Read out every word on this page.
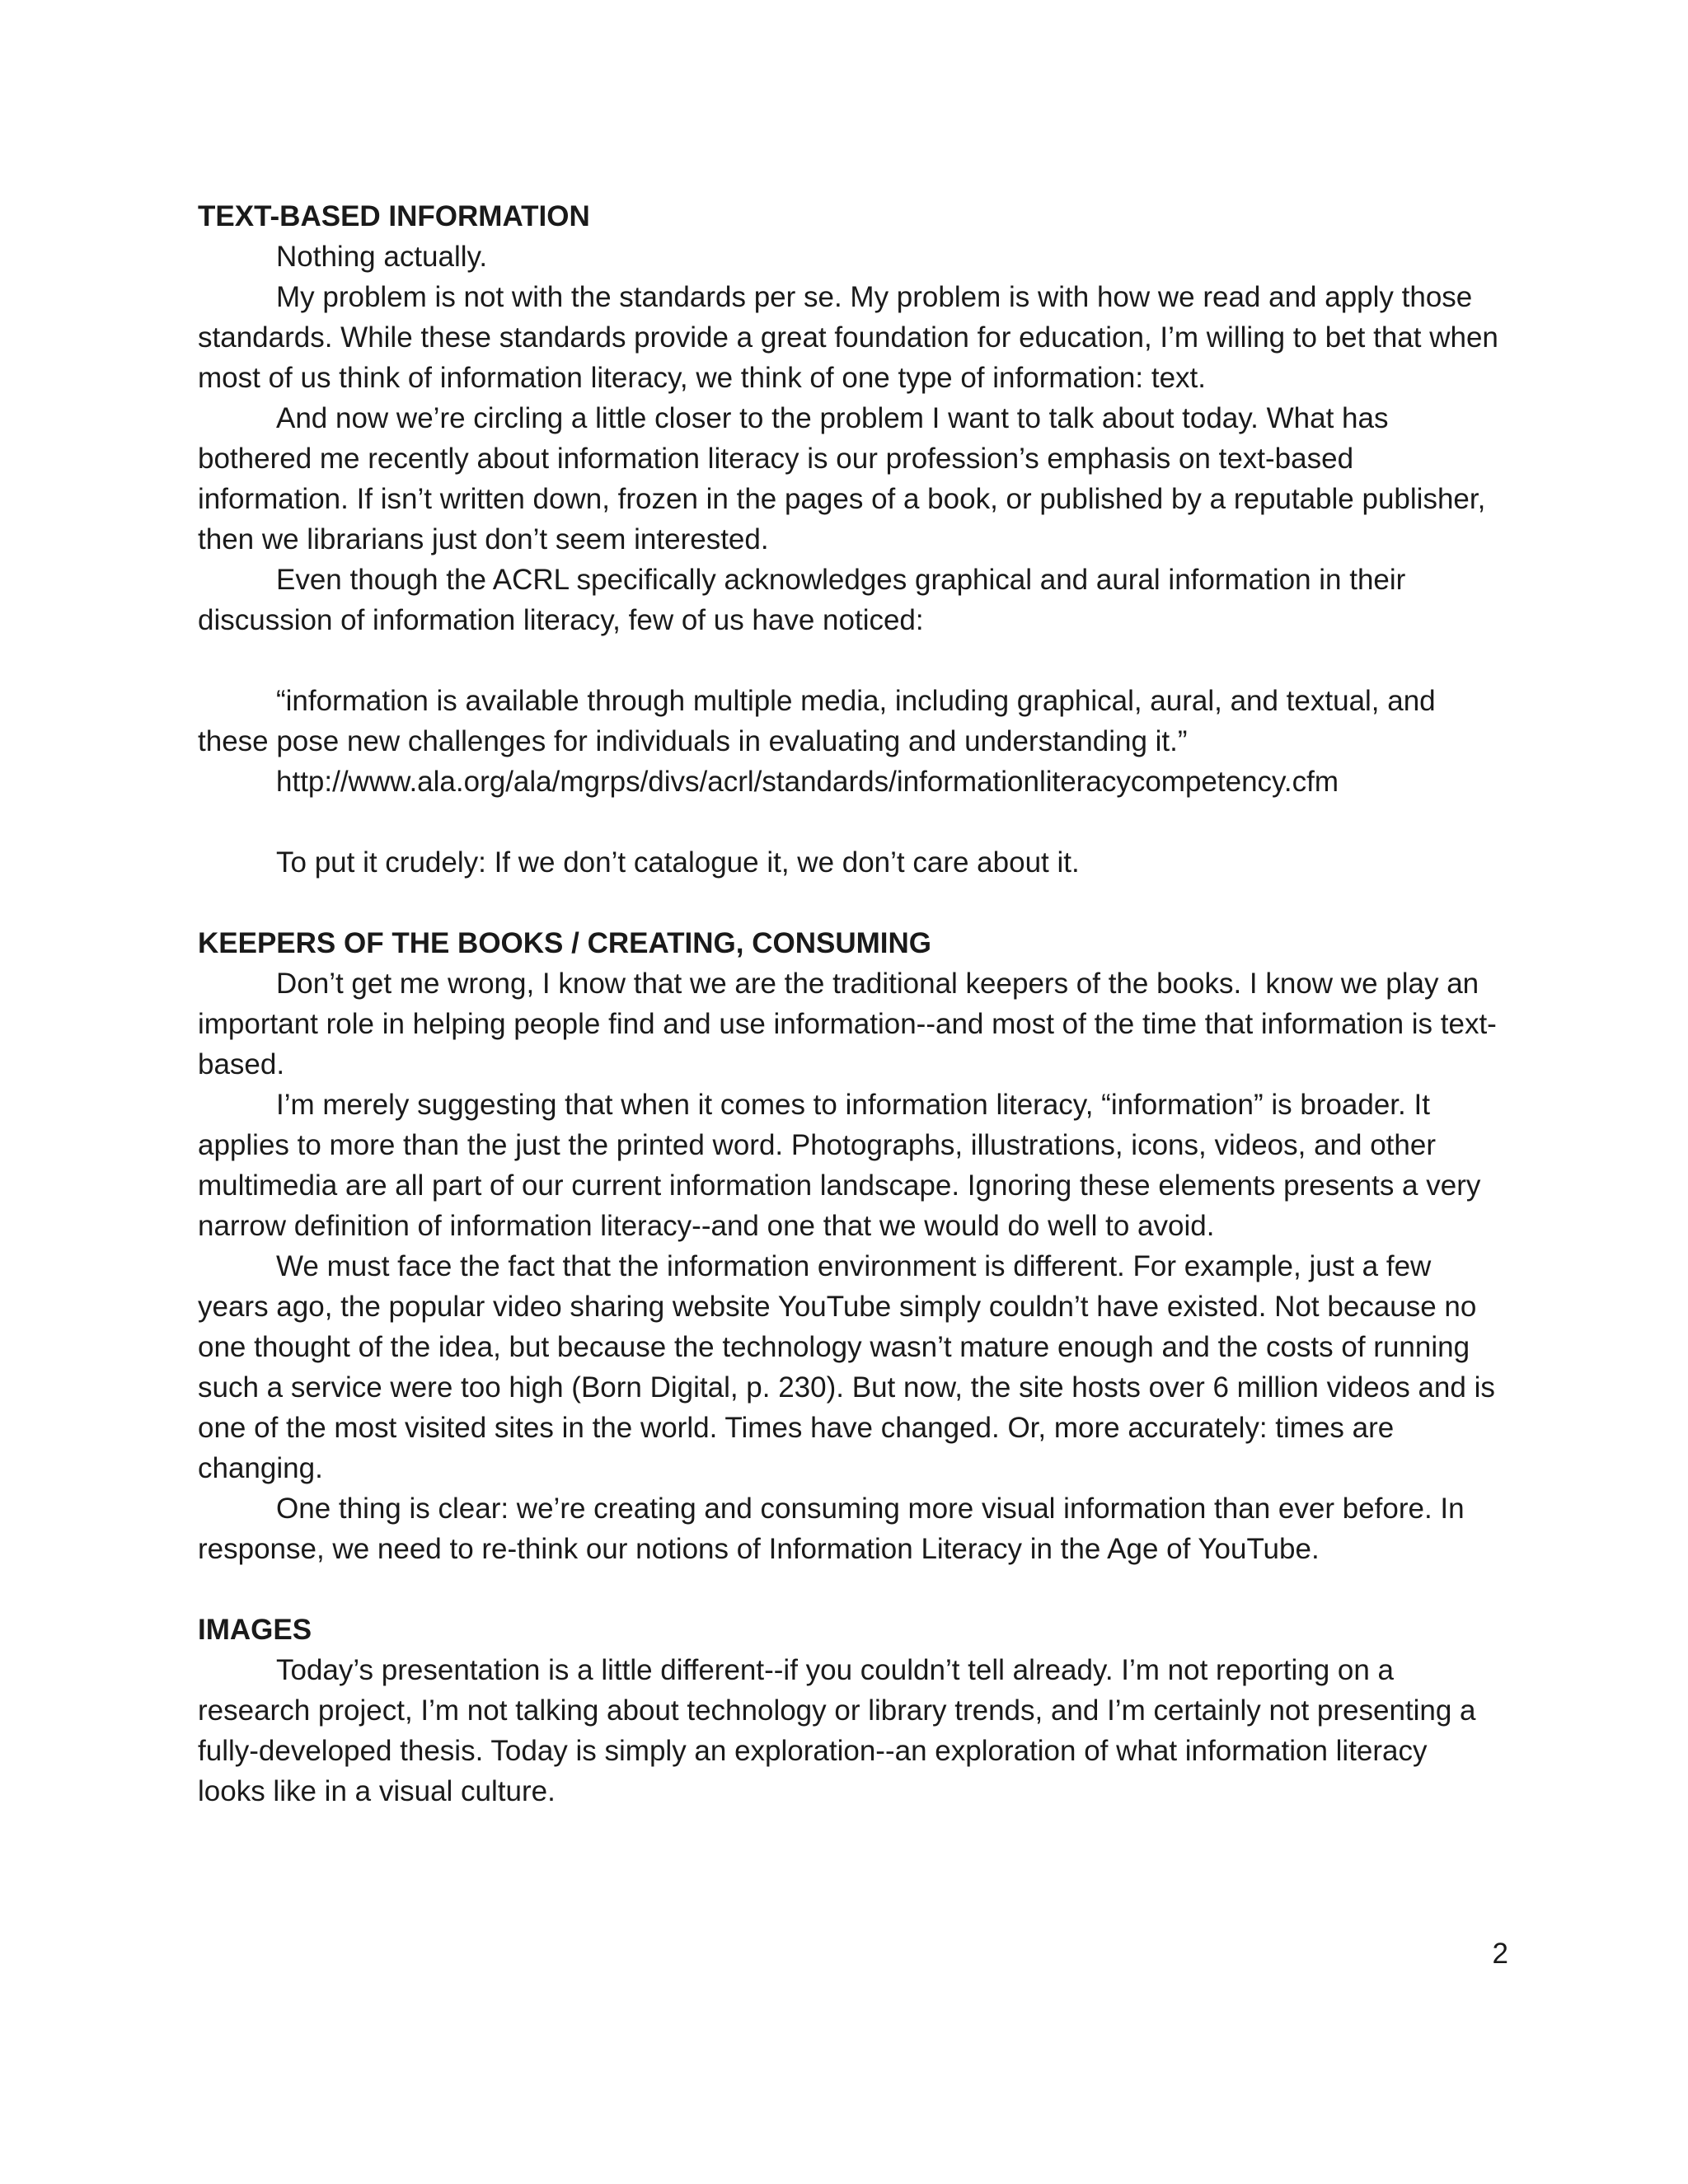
TEXT-BASED INFORMATION

Nothing actually.

My problem is not with the standards per se. My problem is with how we read and apply those standards. While these standards provide a great foundation for education, I’m willing to bet that when most of us think of information literacy, we think of one type of information: text.

And now we’re circling a little closer to the problem I want to talk about today. What has bothered me recently about information literacy is our profession’s emphasis on text-based information. If isn’t written down, frozen in the pages of a book, or published by a reputable publisher, then we librarians just don’t seem interested.

Even though the ACRL specifically acknowledges graphical and aural information in their discussion of information literacy, few of us have noticed:

“information is available through multiple media, including graphical, aural, and textual, and these pose new challenges for individuals in evaluating and understanding it.”

http://www.ala.org/ala/mgrps/divs/acrl/standards/informationliteracycompetency.cfm

To put it crudely: If we don’t catalogue it, we don’t care about it.

KEEPERS OF THE BOOKS / CREATING, CONSUMING

Don’t get me wrong, I know that we are the traditional keepers of the books. I know we play an important role in helping people find and use information--and most of the time that information is text-based.

I’m merely suggesting that when it comes to information literacy, “information” is broader. It applies to more than the just the printed word. Photographs, illustrations, icons, videos, and other multimedia are all part of our current information landscape. Ignoring these elements presents a very narrow definition of information literacy--and one that we would do well to avoid.

We must face the fact that the information environment is different. For example, just a few years ago, the popular video sharing website YouTube simply couldn’t have existed. Not because no one thought of the idea, but because the technology wasn’t mature enough and the costs of running such a service were too high (Born Digital, p. 230). But now, the site hosts over 6 million videos and is one of the most visited sites in the world. Times have changed. Or, more accurately: times are changing.

One thing is clear: we’re creating and consuming more visual information than ever before. In response, we need to re-think our notions of Information Literacy in the Age of YouTube.

IMAGES

Today’s presentation is a little different--if you couldn’t tell already. I’m not reporting on a research project, I’m not talking about technology or library trends, and I’m certainly not presenting a fully-developed thesis. Today is simply an exploration--an exploration of what information literacy looks like in a visual culture.

2
